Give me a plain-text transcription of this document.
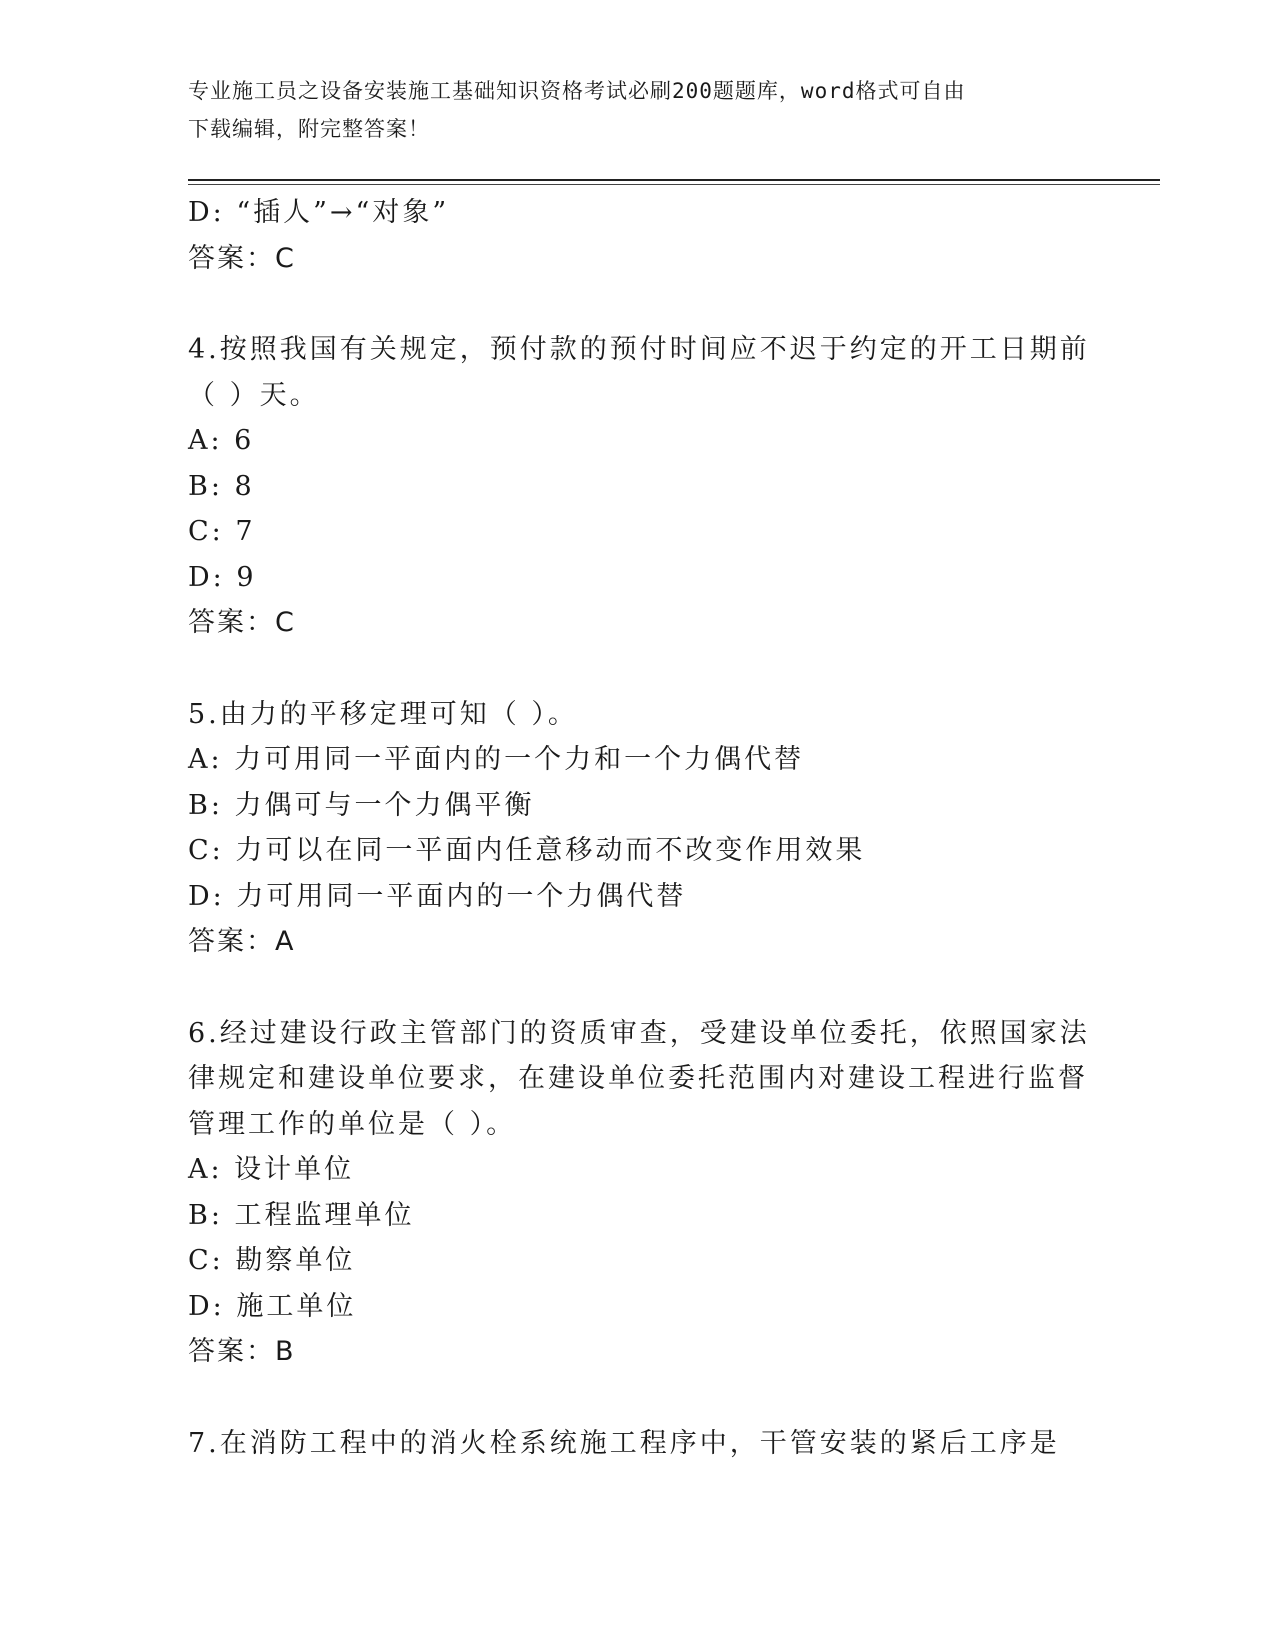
专业施工员之设备安装施工基础知识资格考试必刷200题题库，word格式可自由
下载编辑，附完整答案！
D: “插人”→“对象”
答案：C
4.按照我国有关规定，预付款的预付时间应不迟于约定的开工日期前
（ ）天。
A: 6
B: 8
C: 7
D: 9
答案：C
5.由力的平移定理可知（ ）。
A: 力可用同一平面内的一个力和一个力偶代替
B: 力偶可与一个力偶平衡
C: 力可以在同一平面内任意移动而不改变作用效果
D: 力可用同一平面内的一个力偶代替
答案：A
6.经过建设行政主管部门的资质审查，受建设单位委托，依照国家法
律规定和建设单位要求，在建设单位委托范围内对建设工程进行监督
管理工作的单位是（ ）。
A: 设计单位
B: 工程监理单位
C: 勘察单位
D: 施工单位
答案：B
7.在消防工程中的消火栓系统施工程序中，干管安装的紧后工序是
